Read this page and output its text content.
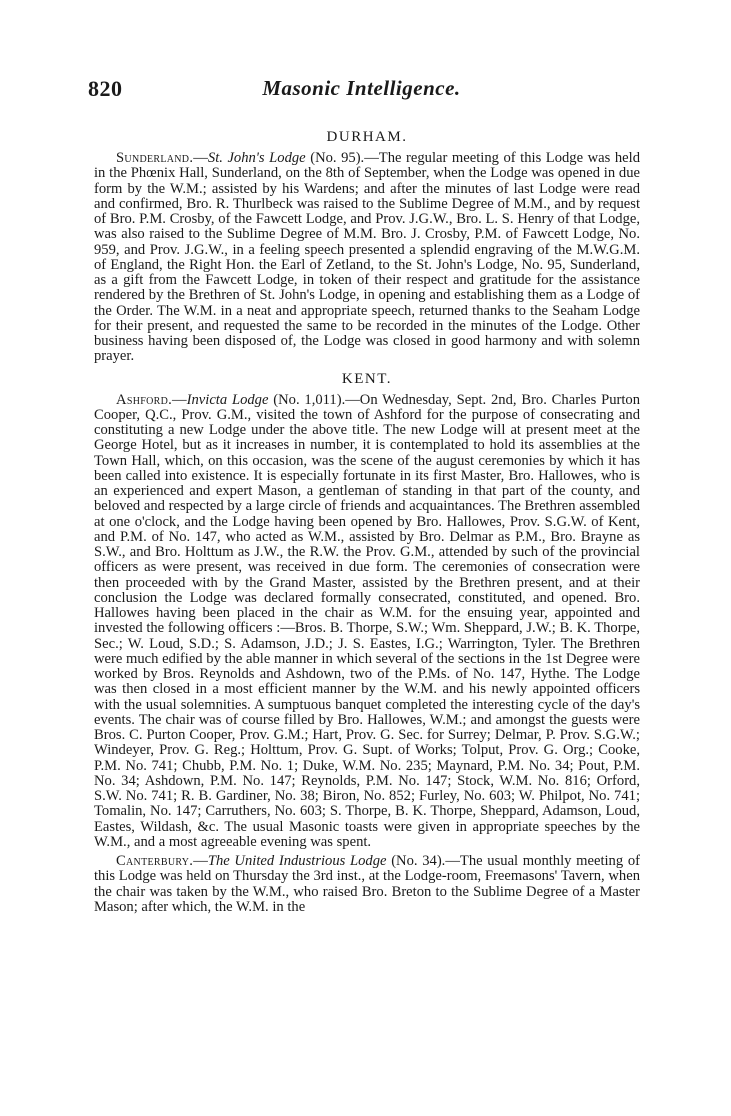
820	Masonic Intelligence.
DURHAM.

Sunderland.—St. John's Lodge (No. 95).—The regular meeting of this Lodge was held in the Phœnix Hall, Sunderland, on the 8th of September, when the Lodge was opened in due form by the W.M.; assisted by his Wardens; and after the minutes of last Lodge were read and confirmed, Bro. R. Thurlbeck was raised to the Sublime Degree of M.M., and by request of Bro. P.M. Crosby, of the Fawcett Lodge, and Prov. J.G.W., Bro. L. S. Henry of that Lodge, was also raised to the Sublime Degree of M.M. Bro. J. Crosby, P.M. of Fawcett Lodge, No. 959, and Prov. J.G.W., in a feeling speech presented a splendid engraving of the M.W.G.M. of England, the Right Hon. the Earl of Zetland, to the St. John's Lodge, No. 95, Sunderland, as a gift from the Fawcett Lodge, in token of their respect and gratitude for the assistance rendered by the Brethren of St. John's Lodge, in opening and establishing them as a Lodge of the Order. The W.M. in a neat and appropriate speech, returned thanks to the Seaham Lodge for their present, and requested the same to be recorded in the minutes of the Lodge. Other business having been disposed of, the Lodge was closed in good harmony and with solemn prayer.

KENT.

Ashford.—Invicta Lodge (No. 1,011).—On Wednesday, Sept. 2nd, Bro. Charles Purton Cooper, Q.C., Prov. G.M., visited the town of Ashford for the purpose of consecrating and constituting a new Lodge under the above title. The new Lodge will at present meet at the George Hotel, but as it increases in number, it is contemplated to hold its assemblies at the Town Hall, which, on this occasion, was the scene of the august ceremonies by which it has been called into existence. It is especially fortunate in its first Master, Bro. Hallowes, who is an experienced and expert Mason, a gentleman of standing in that part of the county, and beloved and respected by a large circle of friends and acquaintances. The Brethren assembled at one o'clock, and the Lodge having been opened by Bro. Hallowes, Prov. S.G.W. of Kent, and P.M. of No. 147, who acted as W.M., assisted by Bro. Delmar as P.M., Bro. Brayne as S.W., and Bro. Holttum as J.W., the R.W. the Prov. G.M., attended by such of the provincial officers as were present, was received in due form. The ceremonies of consecration were then proceeded with by the Grand Master, assisted by the Brethren present, and at their conclusion the Lodge was declared formally consecrated, constituted, and opened. Bro. Hallowes having been placed in the chair as W.M. for the ensuing year, appointed and invested the following officers :—Bros. B. Thorpe, S.W.; Wm. Sheppard, J.W.; B. K. Thorpe, Sec.; W. Loud, S.D.; S. Adamson, J.D.; J. S. Eastes, I.G.; Warrington, Tyler. The Brethren were much edified by the able manner in which several of the sections in the 1st Degree were worked by Bros. Reynolds and Ashdown, two of the P.Ms. of No. 147, Hythe. The Lodge was then closed in a most efficient manner by the W.M. and his newly appointed officers with the usual solemnities. A sumptuous banquet completed the interesting cycle of the day's events. The chair was of course filled by Bro. Hallowes, W.M.; and amongst the guests were Bros. C. Purton Cooper, Prov. G.M.; Hart, Prov. G. Sec. for Surrey; Delmar, P. Prov. S.G.W.; Windeyer, Prov. G. Reg.; Holttum, Prov. G. Supt. of Works; Tolput, Prov. G. Org.; Cooke, P.M. No. 741; Chubb, P.M. No. 1; Duke, W.M. No. 235; Maynard, P.M. No. 34; Pout, P.M. No. 34; Ashdown, P.M. No. 147; Reynolds, P.M. No. 147; Stock, W.M. No. 816; Orford, S.W. No. 741; R. B. Gardiner, No. 38; Biron, No. 852; Furley, No. 603; W. Philpot, No. 741; Tomalin, No. 147; Carruthers, No. 603; S. Thorpe, B. K. Thorpe, Sheppard, Adamson, Loud, Eastes, Wildash, &c. The usual Masonic toasts were given in appropriate speeches by the W.M., and a most agreeable evening was spent.

Canterbury.—The United Industrious Lodge (No. 34).—The usual monthly meeting of this Lodge was held on Thursday the 3rd inst., at the Lodge-room, Freemasons' Tavern, when the chair was taken by the W.M., who raised Bro. Breton to the Sublime Degree of a Master Mason; after which, the W.M. in the
